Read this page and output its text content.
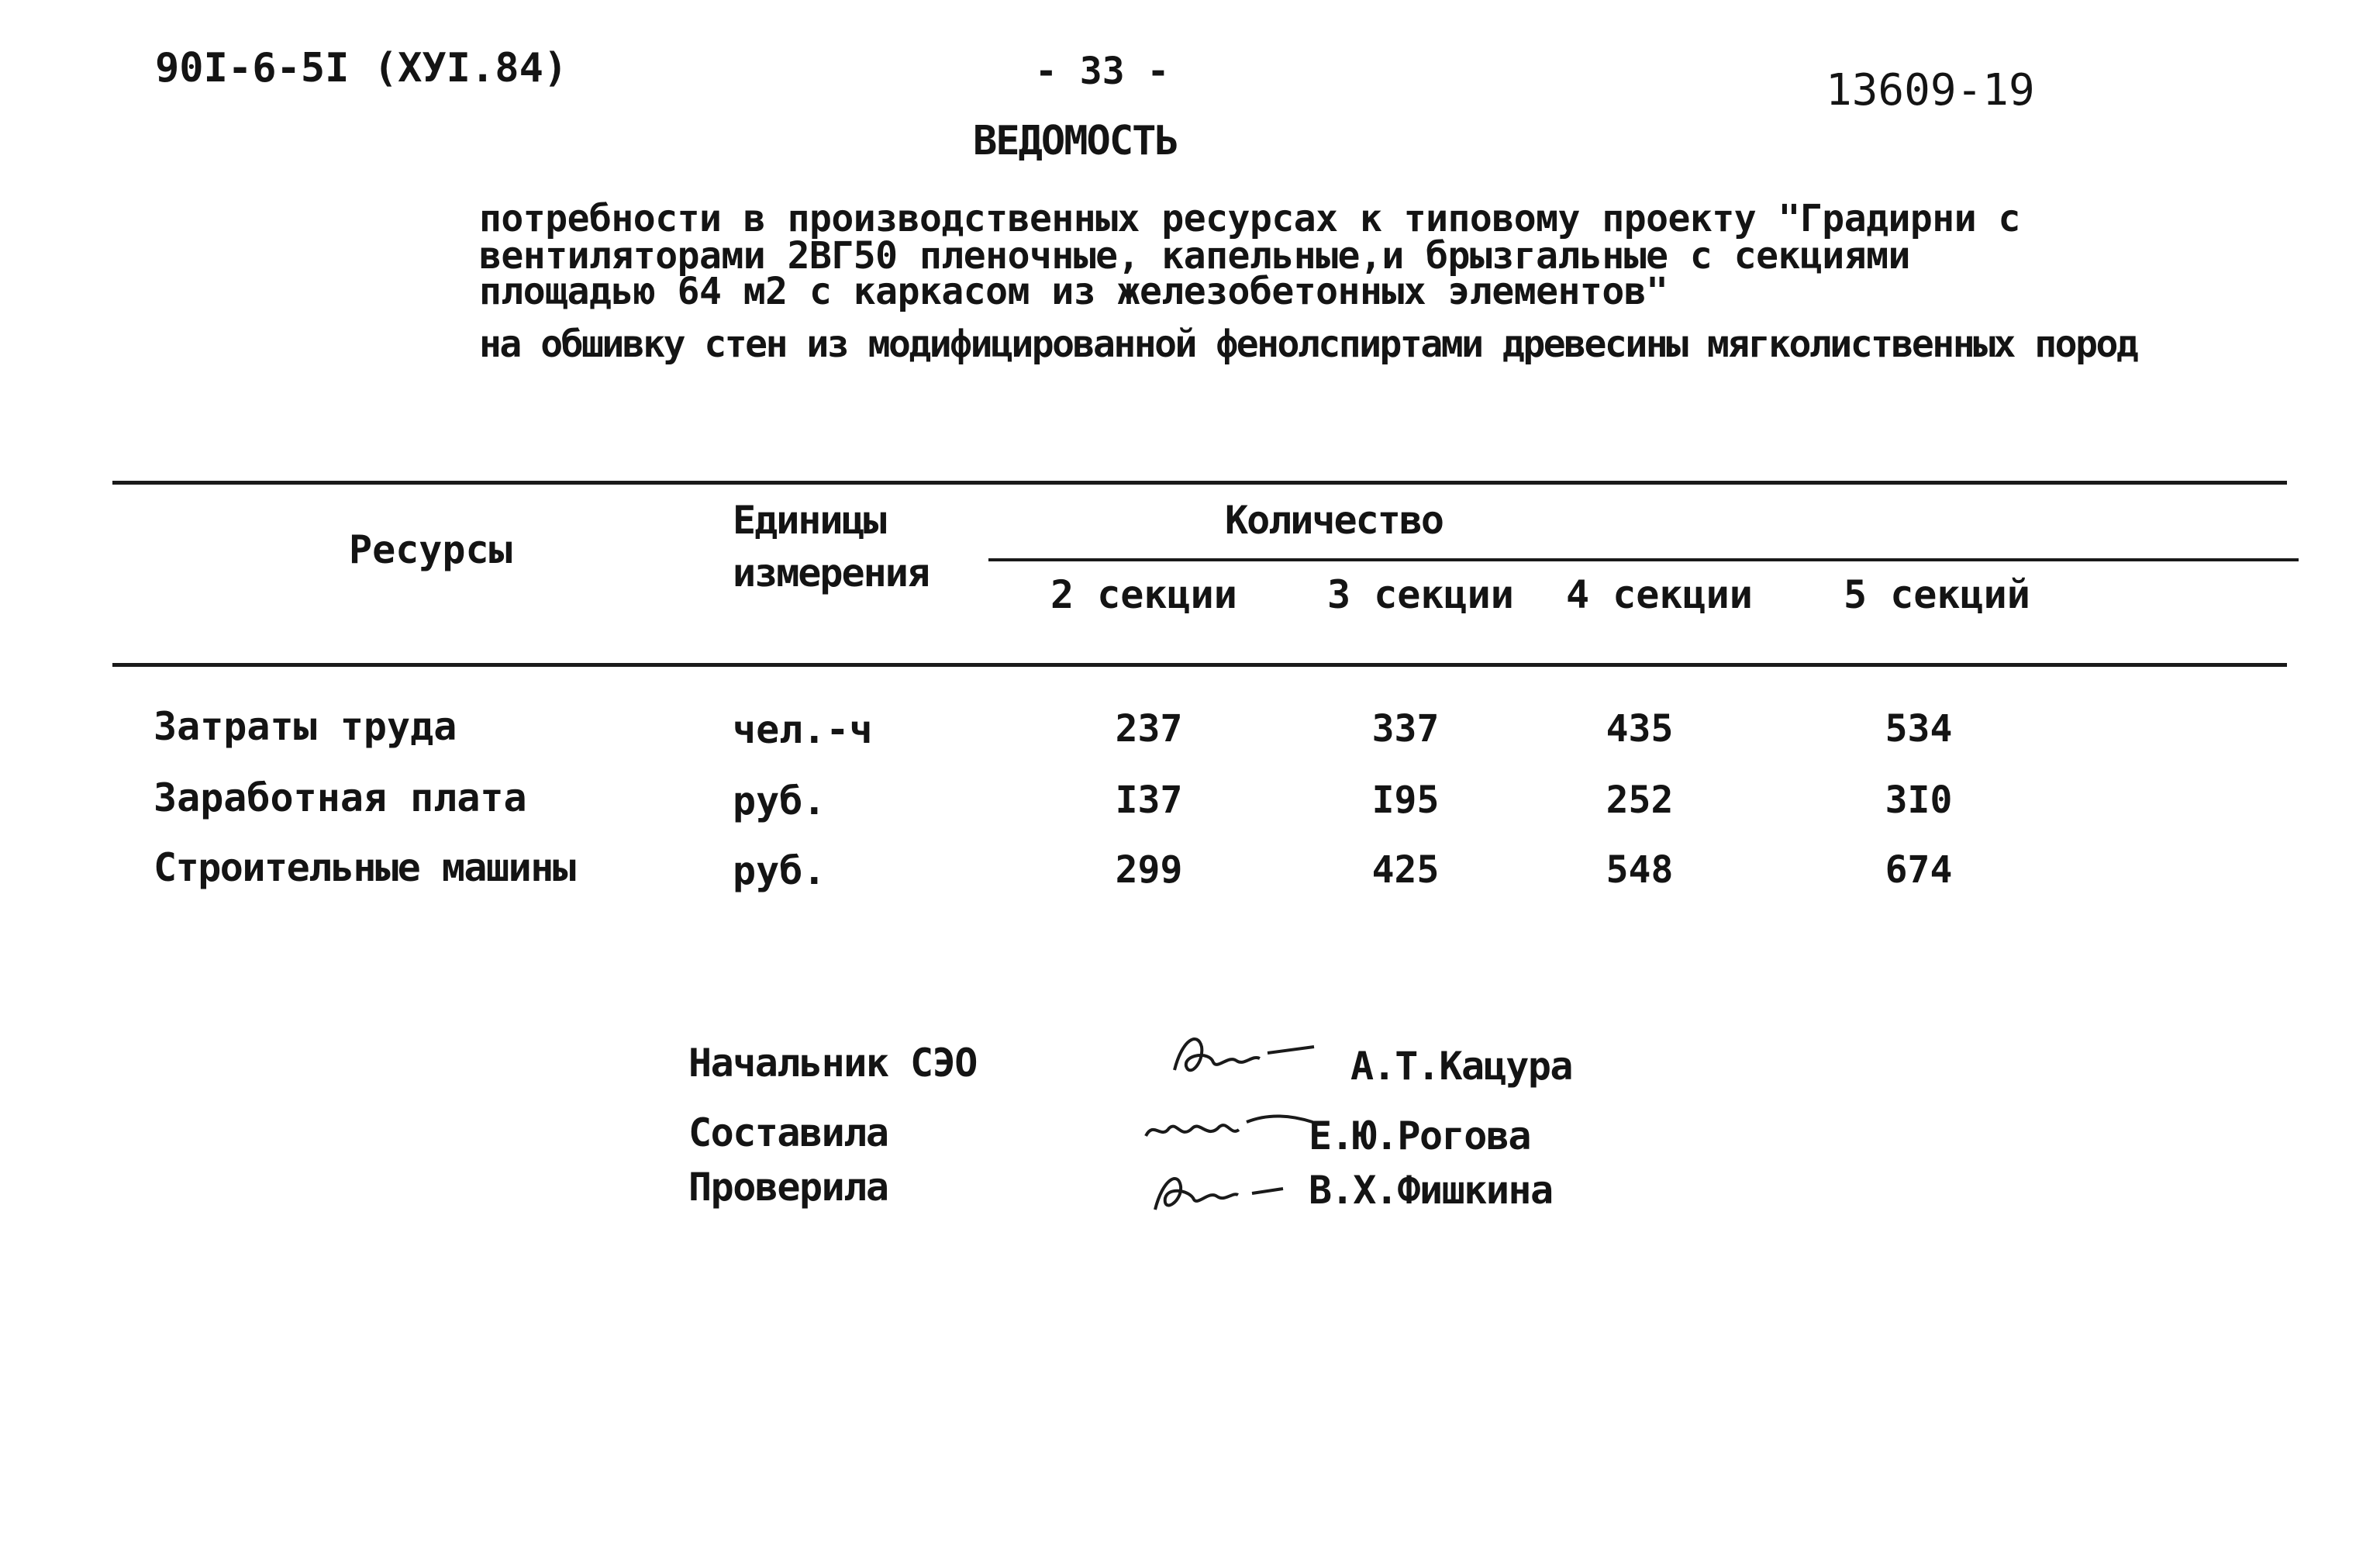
90I-6-5I (XУI.84)	- 33 -	13609-19
ВЕДОМОСТЬ
потребности в производственных ресурсах к типовому проекту "Градирни с
вентиляторами 2ВГ50 пленочные, капельные,и брызгальные с секциями
площадью 64 м2 с каркасом из железобетонных элементов"
на обшивку стен из модифицированной фенолспиртами древесины мягколиственных пород
Ресурсы
Единицы
измерения
Количество
2 секции 3 секции 4 секции 5 секций
Затраты труда	чел.-ч	237	337	435	534
Заработная плата	руб.	I37	I95	252	3I0
Строительные машины	руб.	299	425	548	674
Начальник СЭО
Составила
Проверила
А.Т.Кацура
Е.Ю.Рогова
В.Х.Фишкина
